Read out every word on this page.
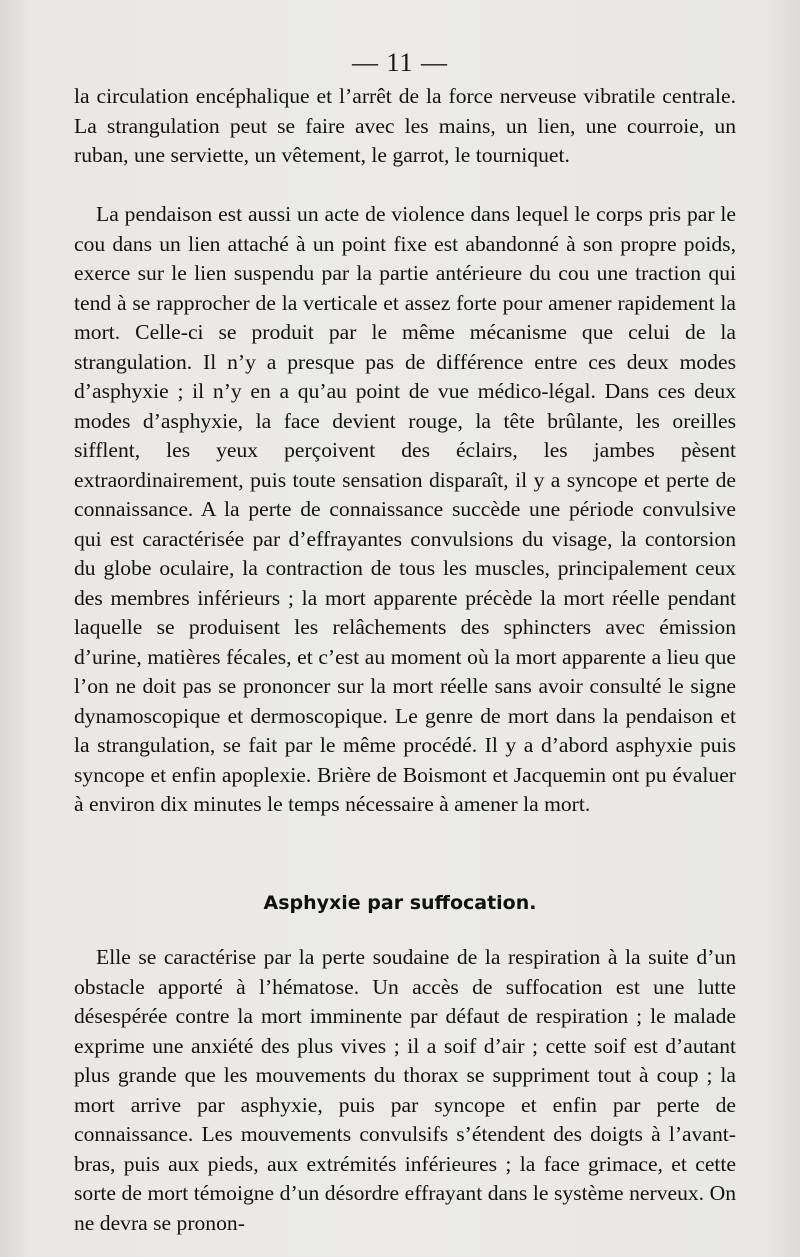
— 11 —

la circulation encéphalique et l’arrêt de la force nerveuse vibratile centrale. La strangulation peut se faire avec les mains, un lien, une courroie, un ruban, une serviette, un vêtement, le garrot, le tourniquet.

La pendaison est aussi un acte de violence dans lequel le corps pris par le cou dans un lien attaché à un point fixe est abandonné à son propre poids, exerce sur le lien suspendu par la partie antérieure du cou une traction qui tend à se rapprocher de la verticale et assez forte pour amener rapidement la mort. Celle-ci se produit par le même mécanisme que celui de la strangulation. Il n’y a presque pas de différence entre ces deux modes d’asphyxie ; il n’y en a qu’au point de vue médico-légal. Dans ces deux modes d’asphyxie, la face devient rouge, la tête brûlante, les oreilles sifflent, les yeux perçoivent des éclairs, les jambes pèsent extraordinairement, puis toute sensation disparaît, il y a syncope et perte de connaissance. A la perte de connaissance succède une période convulsive qui est caractérisée par d’effrayantes convulsions du visage, la contorsion du globe oculaire, la contraction de tous les muscles, principalement ceux des membres inférieurs ; la mort apparente précède la mort réelle pendant laquelle se produisent les relâchements des sphincters avec émission d’urine, matières fécales, et c’est au moment où la mort apparente a lieu que l’on ne doit pas se prononcer sur la mort réelle sans avoir consulté le signe dynamoscopique et dermoscopique. Le genre de mort dans la pendaison et la strangulation, se fait par le même procédé. Il y a d’abord asphyxie puis syncope et enfin apoplexie. Brière de Boismont et Jacquemin ont pu évaluer à environ dix minutes le temps nécessaire à amener la mort.

Asphyxie par suffocation.

Elle se caractérise par la perte soudaine de la respiration à la suite d’un obstacle apporté à l’hématose. Un accès de suffocation est une lutte désespérée contre la mort imminente par défaut de respiration ; le malade exprime une anxiété des plus vives ; il a soif d’air ; cette soif est d’autant plus grande que les mouvements du thorax se suppriment tout à coup ; la mort arrive par asphyxie, puis par syncope et enfin par perte de connaissance. Les mouvements convulsifs s’étendent des doigts à l’avant-bras, puis aux pieds, aux extrémités inférieures ; la face grimace, et cette sorte de mort témoigne d’un désordre effrayant dans le système nerveux. On ne devra se pronon-
